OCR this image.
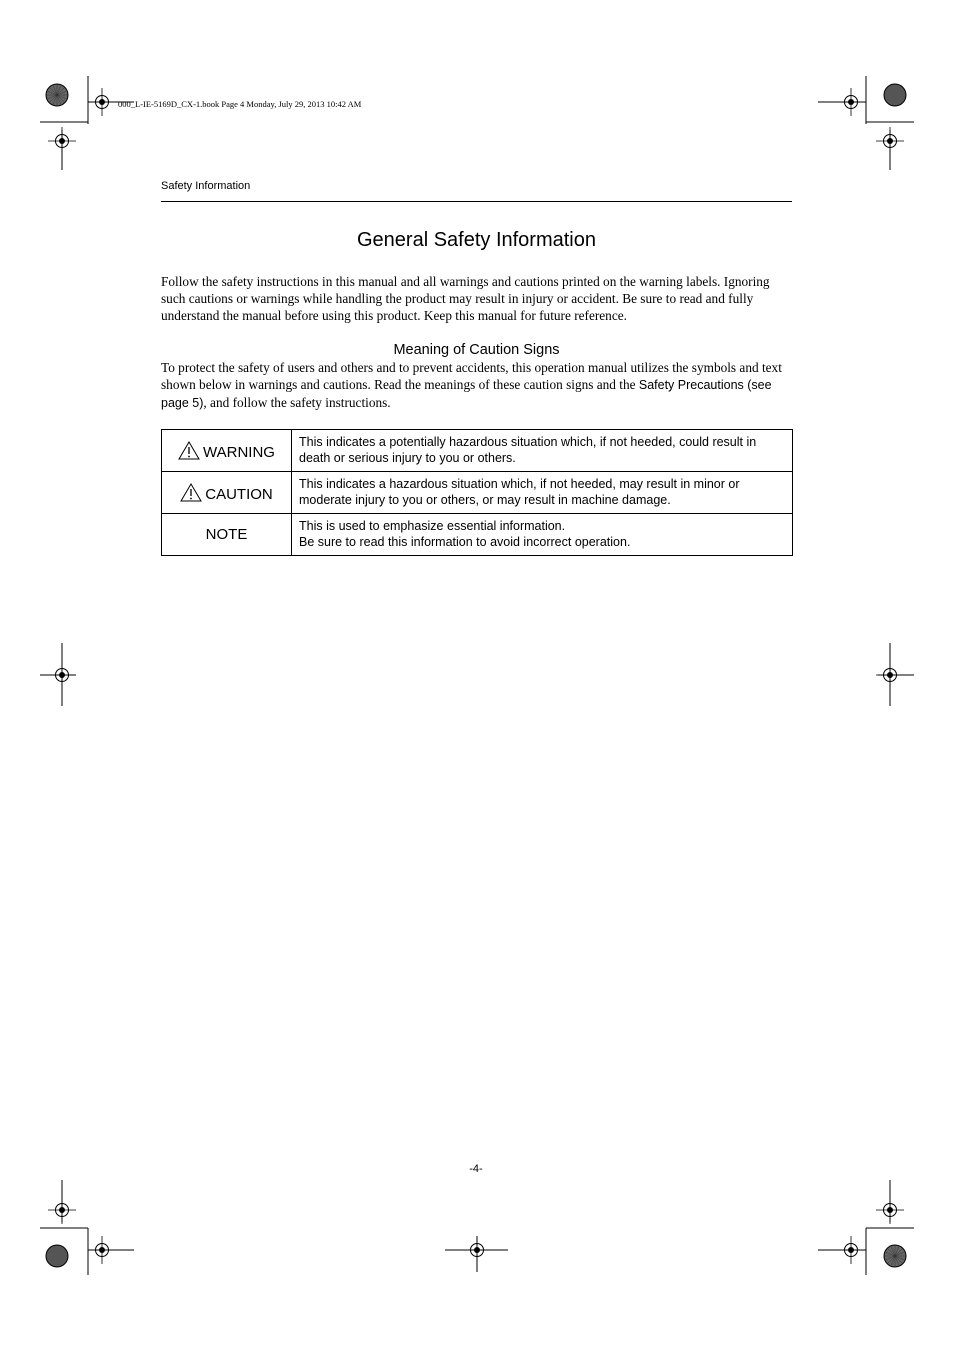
000_L-IE-5169D_CX-1.book Page 4 Monday, July 29, 2013 10:42 AM
Safety Information
General Safety Information

Follow the safety instructions in this manual and all warnings and cautions printed on the warning labels. Ignoring such cautions or warnings while handling the product may result in injury or accident. Be sure to read and fully understand the manual before using this product. Keep this manual for future reference.

Meaning of Caution Signs

To protect the safety of users and others and to prevent accidents, this operation manual utilizes the symbols and text shown below in warnings and cautions. Read the meanings of these caution signs and the Safety Precautions (see page 5), and follow the safety instructions.

WARNING	This indicates a potentially hazardous situation which, if not heeded, could result in death or serious injury to you or others.
CAUTION	This indicates a hazardous situation which, if not heeded, may result in minor or moderate injury to you or others, or may result in machine damage.
NOTE	This is used to emphasize essential information.
Be sure to read this information to avoid incorrect operation.
-4-
